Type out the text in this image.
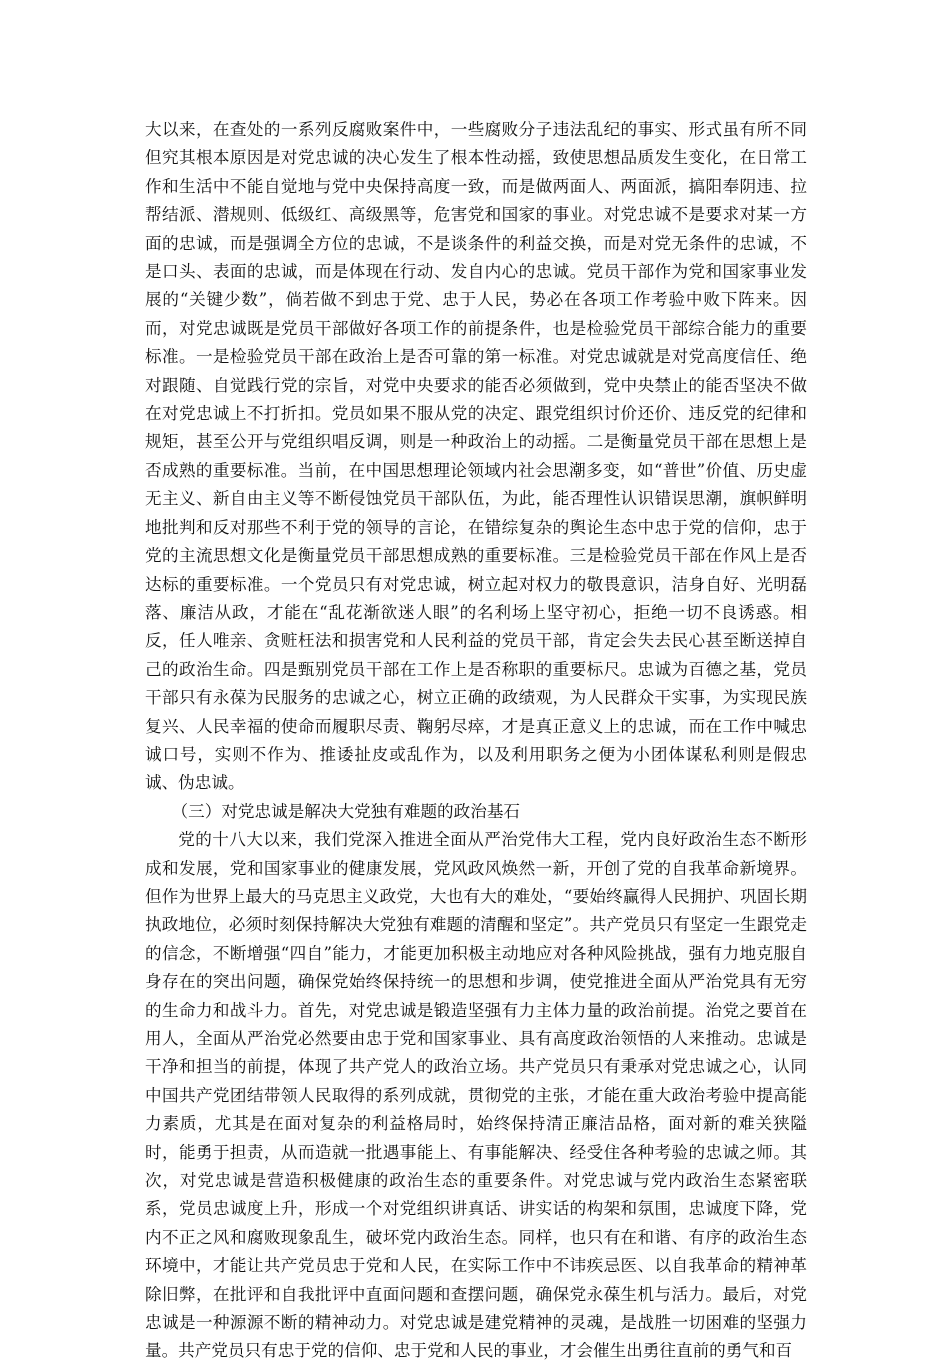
大以来，在查处的一系列反腐败案件中，一些腐败分子违法乱纪的事实、形式虽有所不同但究其根本原因是对党忠诚的决心发生了根本性动摇，致使思想品质发生变化，在日常工作和生活中不能自觉地与党中央保持高度一致，而是做两面人、两面派，搞阳奉阴违、拉帮结派、潜规则、低级红、高级黑等，危害党和国家的事业。对党忠诚不是要求对某一方面的忠诚，而是强调全方位的忠诚，不是谈条件的利益交换，而是对党无条件的忠诚，不是口头、表面的忠诚，而是体现在行动、发自内心的忠诚。党员干部作为党和国家事业发展的“关键少数”，倘若做不到忠于党、忠于人民，势必在各项工作考验中败下阵来。因而，对党忠诚既是党员干部做好各项工作的前提条件，也是检验党员干部综合能力的重要标准。一是检验党员干部在政治上是否可靠的第一标准。对党忠诚就是对党高度信任、绝对跟随、自觉践行党的宗旨，对党中央要求的能否必须做到，党中央禁止的能否坚决不做在对党忠诚上不打折扣。党员如果不服从党的决定、跟党组织讨价还价、违反党的纪律和规矩，甚至公开与党组织唱反调，则是一种政治上的动摇。二是衡量党员干部在思想上是否成熟的重要标准。当前，在中国思想理论领域内社会思潮多变，如“普世”价值、历史虚无主义、新自由主义等不断侵蚀党员干部队伍，为此，能否理性认识错误思潮，旗帜鲜明地批判和反对那些不利于党的领导的言论，在错综复杂的舆论生态中忠于党的信仰，忠于党的主流思想文化是衡量党员干部思想成熟的重要标准。三是检验党员干部在作风上是否达标的重要标准。一个党员只有对党忠诚，树立起对权力的敬畏意识，洁身自好、光明磊落、廉洁从政，才能在“乱花渐欲迷人眼”的名利场上坚守初心，拒绝一切不良诱惑。相反，任人唯亲、贪赃枉法和损害党和人民利益的党员干部，肯定会失去民心甚至断送掉自己的政治生命。四是甄别党员干部在工作上是否称职的重要标尺。忠诚为百德之基，党员干部只有永葆为民服务的忠诚之心，树立正确的政绩观，为人民群众干实事，为实现民族复兴、人民幸福的使命而履职尽责、鞠躬尽瘁，才是真正意义上的忠诚，而在工作中喊忠诚口号，实则不作为、推诿扯皮或乱作为，以及利用职务之便为小团体谋私利则是假忠诚、伪忠诚。

（三）对党忠诚是解决大党独有难题的政治基石

党的十八大以来，我们党深入推进全面从严治党伟大工程，党内良好政治生态不断形成和发展，党和国家事业的健康发展，党风政风焕然一新，开创了党的自我革命新境界。但作为世界上最大的马克思主义政党，大也有大的难处，“要始终赢得人民拥护、巩固长期执政地位，必须时刻保持解决大党独有难题的清醒和坚定”。共产党员只有坚定一生跟党走的信念，不断增强“四自”能力，才能更加积极主动地应对各种风险挑战，强有力地克服自身存在的突出问题，确保党始终保持统一的思想和步调，使党推进全面从严治党具有无穷的生命力和战斗力。首先，对党忠诚是锻造坚强有力主体力量的政治前提。治党之要首在用人，全面从严治党必然要由忠于党和国家事业、具有高度政治领悟的人来推动。忠诚是干净和担当的前提，体现了共产党人的政治立场。共产党员只有秉承对党忠诚之心，认同中国共产党团结带领人民取得的系列成就，贯彻党的主张，才能在重大政治考验中提高能力素质，尤其是在面对复杂的利益格局时，始终保持清正廉洁品格，面对新的难关狭隘时，能勇于担责，从而造就一批遇事能上、有事能解决、经受住各种考验的忠诚之师。其次，对党忠诚是营造积极健康的政治生态的重要条件。对党忠诚与党内政治生态紧密联系，党员忠诚度上升，形成一个对党组织讲真话、讲实话的构架和氛围，忠诚度下降，党内不正之风和腐败现象乱生，破坏党内政治生态。同样，也只有在和谐、有序的政治生态环境中，才能让共产党员忠于党和人民，在实际工作中不讳疾忌医、以自我革命的精神革除旧弊，在批评和自我批评中直面问题和查摆问题，确保党永葆生机与活力。最后，对党忠诚是一种源源不断的精神动力。对党忠诚是建党精神的灵魂，是战胜一切困难的坚强力量。共产党员只有忠于党的信仰、忠于党和人民的事业，才会催生出勇往直前的勇气和百
